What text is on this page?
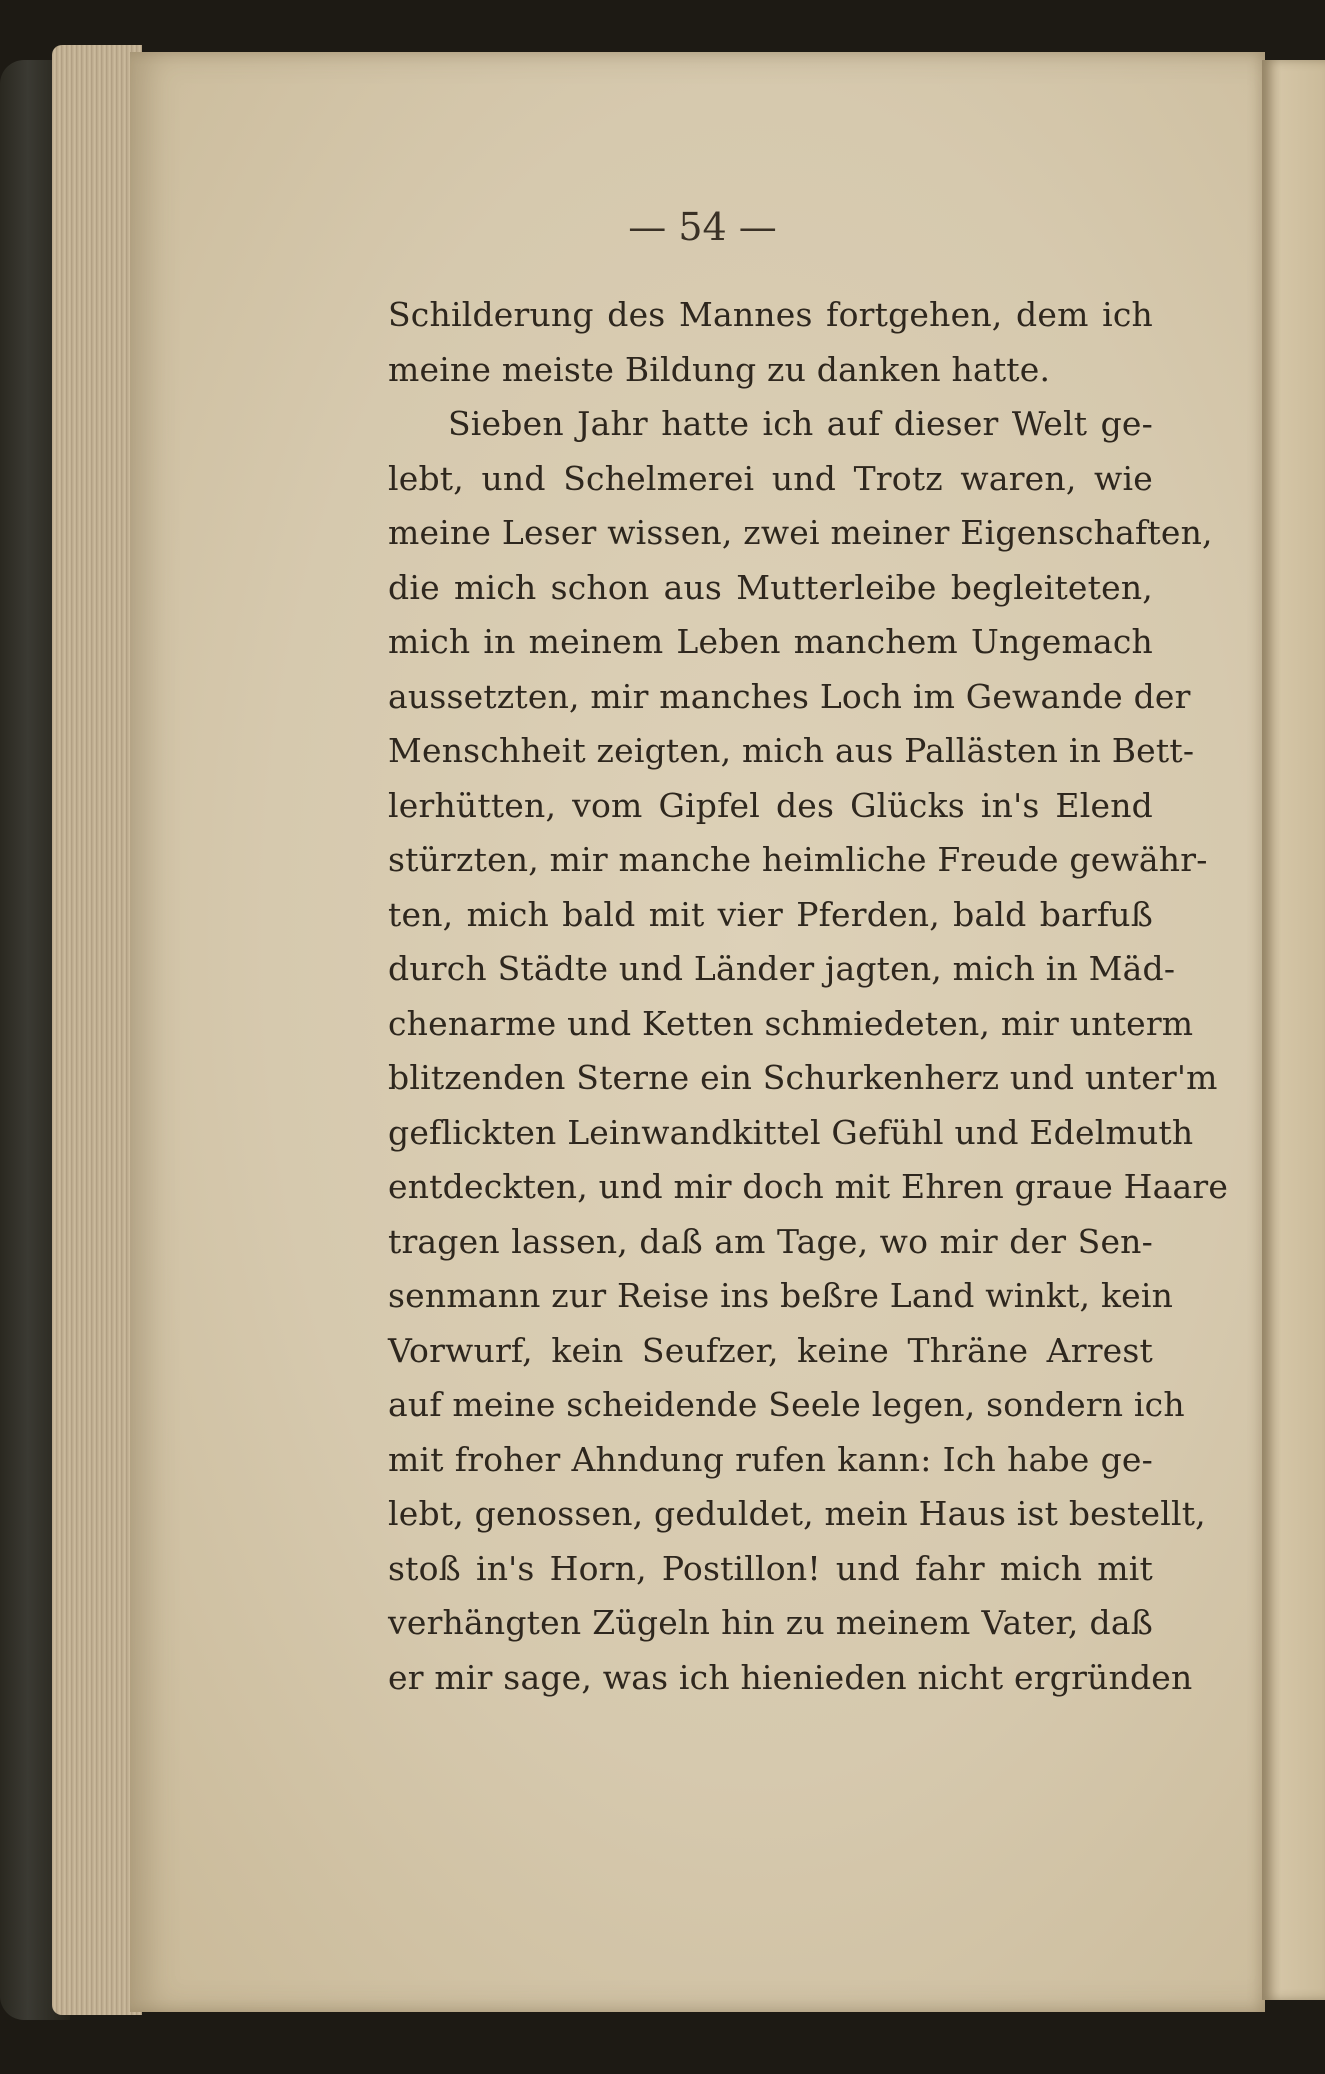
— 54 —
Schilderung des Mannes fortgehen, dem ich
meine meiste Bildung zu danken hatte.
Sieben Jahr hatte ich auf dieser Welt ge-
lebt, und Schelmerei und Trotz waren, wie
meine Leser wissen, zwei meiner Eigenschaften,
die mich schon aus Mutterleibe begleiteten,
mich in meinem Leben manchem Ungemach
aussetzten, mir manches Loch im Gewande der
Menschheit zeigten, mich aus Pallästen in Bett-
lerhütten, vom Gipfel des Glücks in's Elend
stürzten, mir manche heimliche Freude gewähr-
ten, mich bald mit vier Pferden, bald barfuß
durch Städte und Länder jagten, mich in Mäd-
chenarme und Ketten schmiedeten, mir unterm
blitzenden Sterne ein Schurkenherz und unter'm
geflickten Leinwandkittel Gefühl und Edelmuth
entdeckten, und mir doch mit Ehren graue Haare
tragen lassen, daß am Tage, wo mir der Sen-
senmann zur Reise ins beßre Land winkt, kein
Vorwurf, kein Seufzer, keine Thräne Arrest
auf meine scheidende Seele legen, sondern ich
mit froher Ahndung rufen kann: Ich habe ge-
lebt, genossen, geduldet, mein Haus ist bestellt,
stoß in's Horn, Postillon! und fahr mich mit
verhängten Zügeln hin zu meinem Vater, daß
er mir sage, was ich hienieden nicht ergründen
